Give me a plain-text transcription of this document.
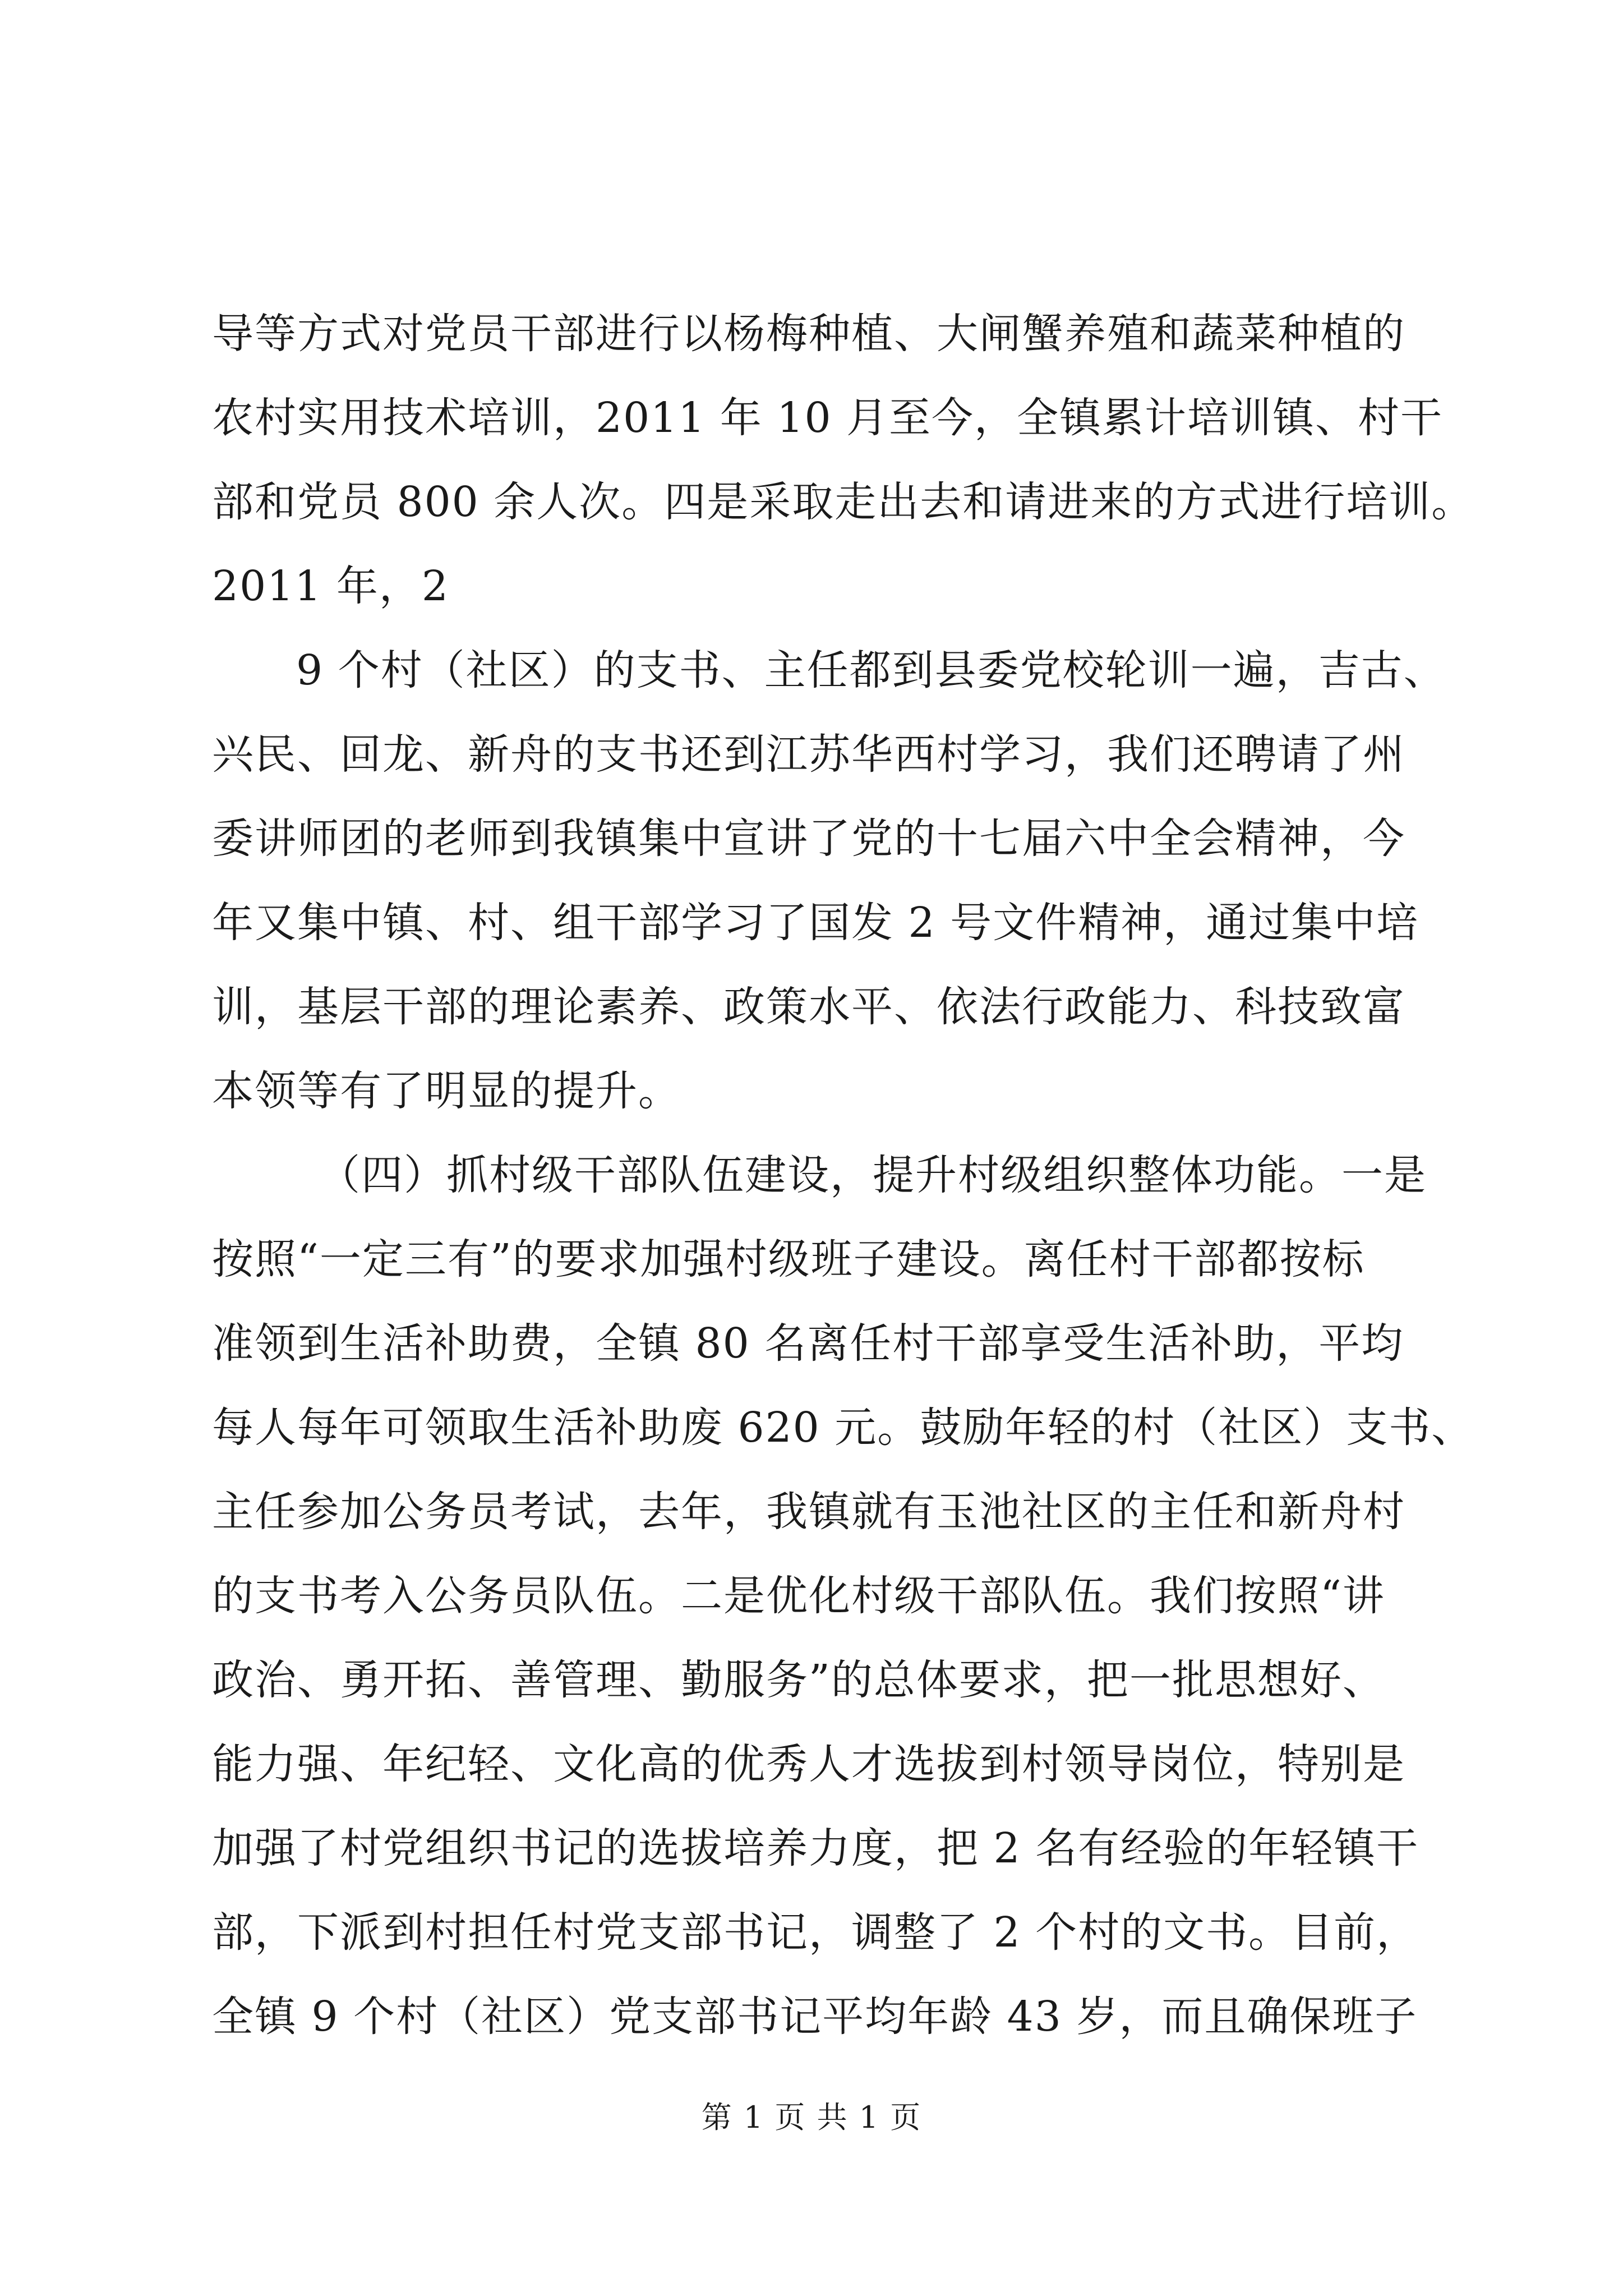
导等方式对党员干部进行以杨梅种植、大闸蟹养殖和蔬菜种植的
农村实用技术培训，2011 年 10 月至今，全镇累计培训镇、村干
部和党员 800 余人次。四是采取走出去和请进来的方式进行培训。
2011 年，2
9 个村（社区）的支书、主任都到县委党校轮训一遍，吉古、
兴民、回龙、新舟的支书还到江苏华西村学习，我们还聘请了州
委讲师团的老师到我镇集中宣讲了党的十七届六中全会精神，今
年又集中镇、村、组干部学习了国发 2 号文件精神，通过集中培
训，基层干部的理论素养、政策水平、依法行政能力、科技致富
本领等有了明显的提升。
（四）抓村级干部队伍建设，提升村级组织整体功能。一是
按照“一定三有”的要求加强村级班子建设。离任村干部都按标
准领到生活补助费，全镇 80 名离任村干部享受生活补助，平均
每人每年可领取生活补助废 620 元。鼓励年轻的村（社区）支书、
主任参加公务员考试，去年，我镇就有玉池社区的主任和新舟村
的支书考入公务员队伍。二是优化村级干部队伍。我们按照“讲
政治、勇开拓、善管理、勤服务”的总体要求，把一批思想好、
能力强、年纪轻、文化高的优秀人才选拔到村领导岗位，特别是
加强了村党组织书记的选拔培养力度，把 2 名有经验的年轻镇干
部，下派到村担任村党支部书记，调整了 2 个村的文书。目前，
全镇 9 个村（社区）党支部书记平均年龄 43 岁，而且确保班子
第 1 页 共 1 页
